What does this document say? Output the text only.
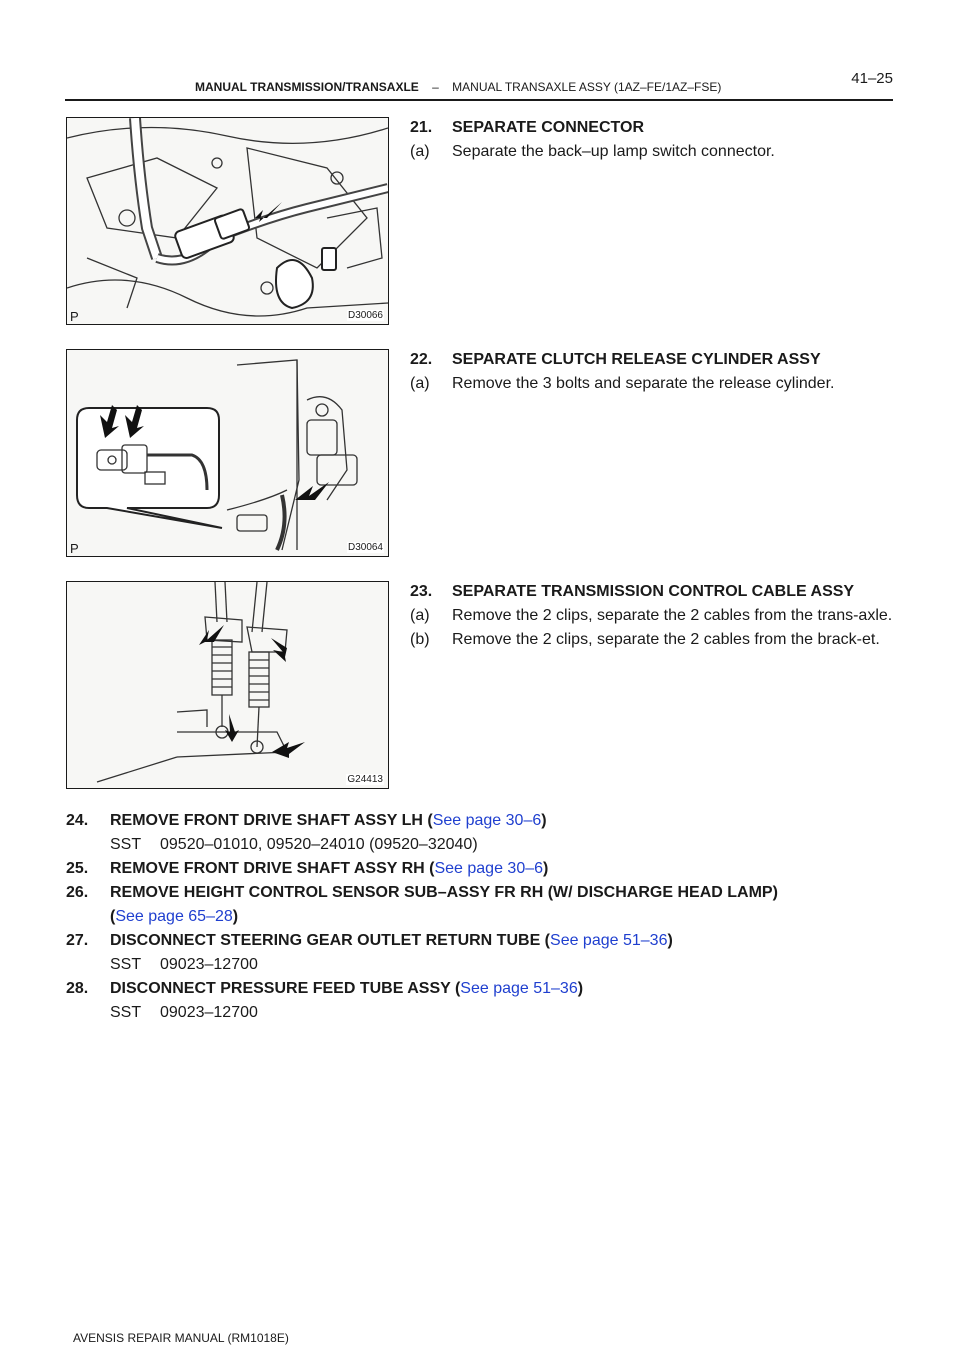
MANUAL TRANSMISSION/TRANSAXLE – MANUAL TRANSAXLE ASSY (1AZ–FE/1AZ–FSE)	41–25
P	D30066
P	D30064
G24413
21. SEPARATE CONNECTOR
(a)	Separate the back–up lamp switch connector.
22. SEPARATE CLUTCH RELEASE CYLINDER ASSY
(a)	Remove the 3 bolts and separate the release cylinder.
23. SEPARATE TRANSMISSION CONTROL CABLE ASSY
(a)	Remove the 2 clips, separate the 2 cables from the trans-axle.
(b)	Remove the 2 clips, separate the 2 cables from the brack-et.
24.	REMOVE FRONT DRIVE SHAFT ASSY LH (See page 30–6)
SST 09520–01010, 09520–24010 (09520–32040)
25.	REMOVE FRONT DRIVE SHAFT ASSY RH (See page 30–6)
26.	REMOVE HEIGHT CONTROL SENSOR SUB–ASSY FR RH (W/ DISCHARGE HEAD LAMP)
(See page 65–28)
27.	DISCONNECT STEERING GEAR OUTLET RETURN TUBE (See page 51–36)
SST 09023–12700
28.	DISCONNECT PRESSURE FEED TUBE ASSY (See page 51–36)
SST 09023–12700
AVENSIS REPAIR MANUAL (RM1018E)
